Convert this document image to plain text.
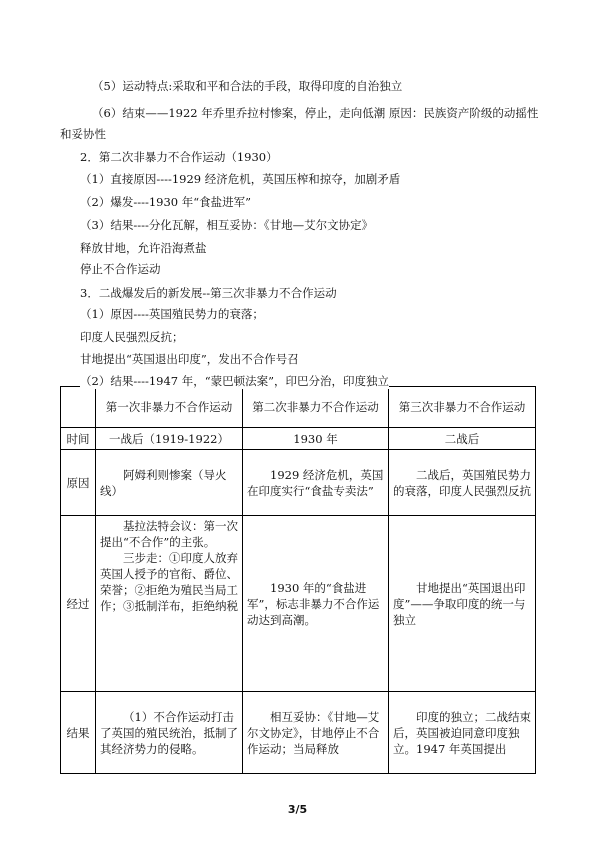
（5）运动特点:采取和平和合法的手段，取得印度的自治独立
（6）结束——1922 年乔里乔拉村惨案，停止，走向低潮 原因：民族资产阶级的动摇性
和妥协性
2．第二次非暴力不合作运动（1930）
（1）直接原因----1929 经济危机，英国压榨和掠夺，加剧矛盾
（2）爆发----1930 年“食盐进军”
（3）结果----分化瓦解，相互妥协：《甘地—艾尔文协定》
释放甘地，允许沿海煮盐
停止不合作运动
3．二战爆发后的新发展--第三次非暴力不合作运动
（1）原因----英国殖民势力的衰落；
印度人民强烈反抗；
甘地提出“英国退出印度”，发出不合作号召
（2）结果----1947 年，“蒙巴顿法案”，印巴分治，印度独立
	第一次非暴力不合作运动	第二次非暴力不合作运动	第三次非暴力不合作运动
时间	一战后（1919-1922）	1930 年	二战后
原因	阿姆利则惨案（导火线）	1929 经济危机，英国在印度实行“食盐专卖法”	二战后，英国殖民势力的衰落，印度人民强烈反抗
经过	基拉法特会议：第一次提出“不合作”的主张。

三步走：①印度人放弃英国人授予的官衔、爵位、荣誉；②拒绝为殖民当局工作；③抵制洋布，拒绝纳税	1930 年的“食盐进军”，标志非暴力不合作运动达到高潮。	甘地提出“英国退出印度”——争取印度的统一与独立
结果	（1）不合作运动打击了英国的殖民统治，抵制了其经济势力的侵略。	相互妥协：《甘地—艾尔文协定》，甘地停止不合作运动；当局释放	印度的独立；二战结束后，英国被迫同意印度独立。1947 年英国提出
3/5
